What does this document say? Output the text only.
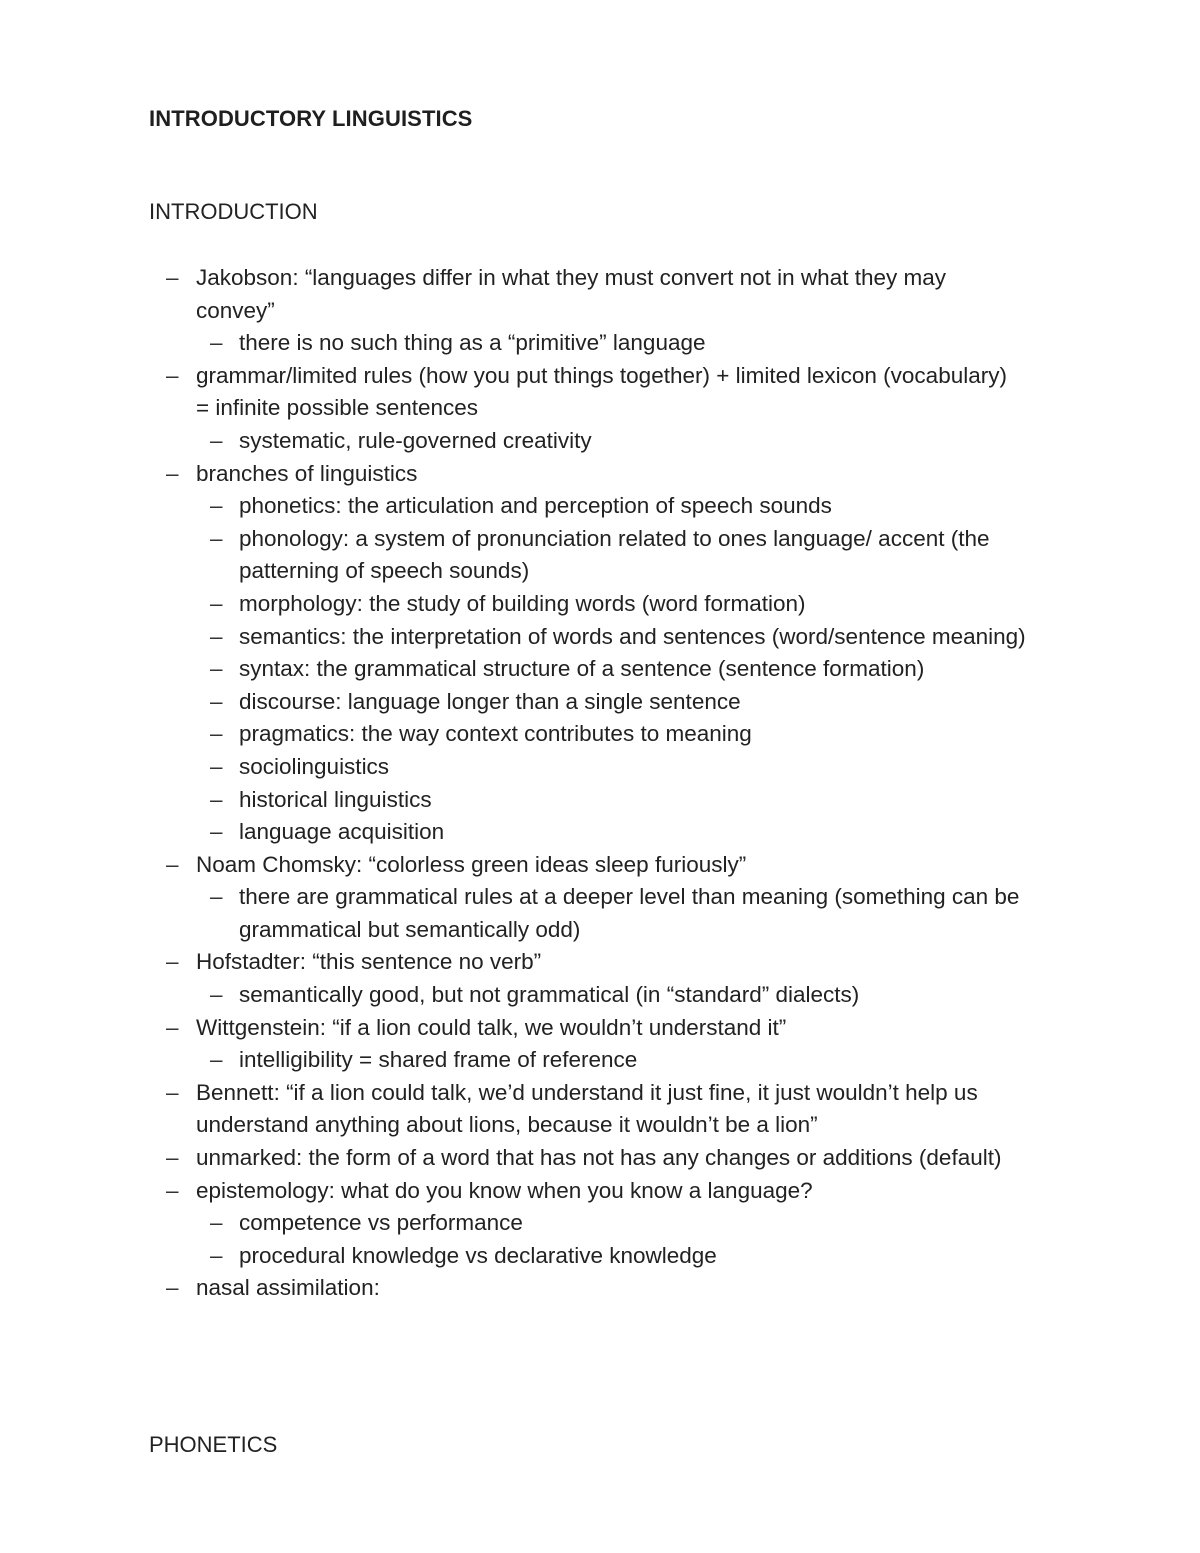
INTRODUCTORY LINGUISTICS
INTRODUCTION
– Jakobson: “languages differ in what they must convert not in what they may convey”
– there is no such thing as a “primitive” language
– grammar/limited rules (how you put things together) + limited lexicon (vocabulary) = infinite possible sentences
– systematic, rule-governed creativity
– branches of linguistics
– phonetics: the articulation and perception of speech sounds
– phonology: a system of pronunciation related to ones language/ accent (the patterning of speech sounds)
– morphology: the study of building words (word formation)
– semantics: the interpretation of words and sentences (word/sentence meaning)
– syntax: the grammatical structure of a sentence (sentence formation)
– discourse: language longer than a single sentence
– pragmatics: the way context contributes to meaning
– sociolinguistics
– historical linguistics
– language acquisition
– Noam Chomsky: “colorless green ideas sleep furiously”
– there are grammatical rules at a deeper level than meaning (something can be grammatical but semantically odd)
– Hofstadter: “this sentence no verb”
– semantically good, but not grammatical (in “standard” dialects)
– Wittgenstein: “if a lion could talk, we wouldn’t understand it”
– intelligibility = shared frame of reference
– Bennett: “if a lion could talk, we’d understand it just fine, it just wouldn’t help us understand anything about lions, because it wouldn’t be a lion”
– unmarked: the form of a word that has not has any changes or additions (default)
– epistemology: what do you know when you know a language?
– competence vs performance
– procedural knowledge vs declarative knowledge
– nasal assimilation:
PHONETICS
